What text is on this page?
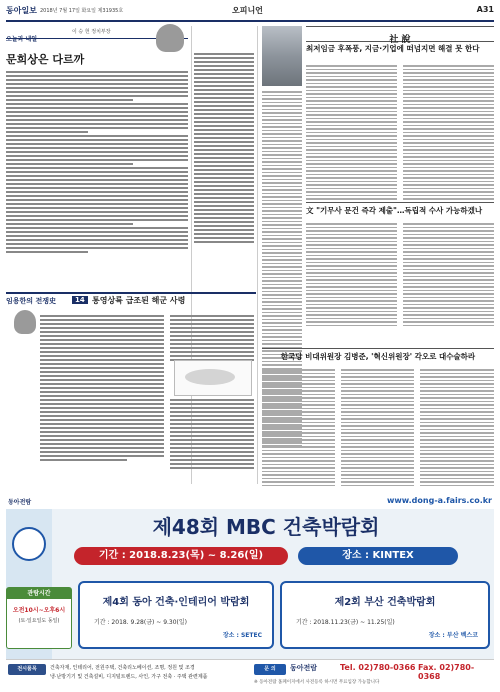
동아일보 2018년 7월 17일 화요일 제31935호	오피니언	A31
오늘과 내일
이 승 헌 정치부장
문희상은 다르까
임용한의 전쟁史	14 통영상륙 급조된 해군 사령
社 說
최저임금 후폭풍, 지금·기업에 떠넘지면 해결 못 한다
文 "기무사 문건 즉각 제출"…독립적 수사 가능하겠나
한국당 비대위원장 김병준, '혁신위원장' 각오로 대수술하라
동아전람	www.dong-a.fairs.co.kr
제48회 MBC 건축박람회
기간 : 2018.8.23(목) ~ 8.26(일)	장소 : KINTEX
관람시간
오전10시~오후6시
(토·일요일도 동일)
제4회 동아 건축·인테리어 박람회
기간 : 2018. 9.28(금) ~ 9.30(일)
장소 : SETEC
제2회 부산 건축박람회
기간 : 2018.11.23(금) ~ 11.25(일)
장소 : 부산 벡스코
전시품목	건축자재, 인테리어, 전원주택, 건축리노베이션, 조명, 정원 및 조경
냉·난방기기 및 건축설비, 디지털트렌드, 사인, 가구 전축 · 주택 관련제품
문 의	동아전람	Tel. 02)780-0366 Fax. 02)780-0368
※ 동아전람 홈페이지에서 사전등록 하시면 무료입장 가능합니다
